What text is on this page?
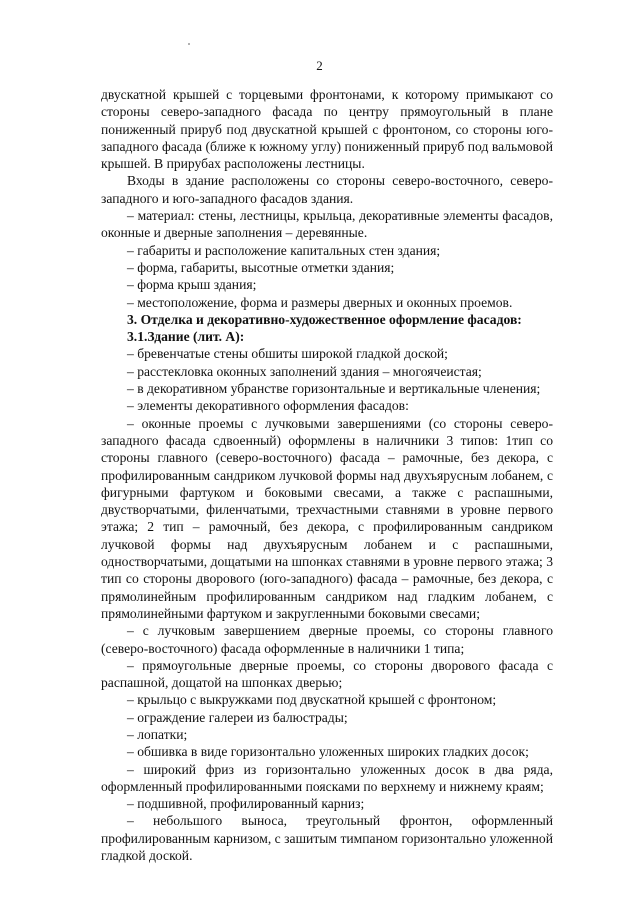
2

двускатной крышей с торцевыми фронтонами, к которому примыкают со стороны северо-западного фасада по центру прямоугольный в плане пониженный прируб под двускатной крышей с фронтоном, со стороны юго-западного фасада (ближе к южному углу) пониженный прируб под вальмовой крышей. В прирубах расположены лестницы.

Входы в здание расположены со стороны северо-восточного, северо-западного и юго-западного фасадов здания.

– материал: стены, лестницы, крыльца, декоративные элементы фасадов, оконные и дверные заполнения – деревянные.

– габариты и расположение капитальных стен здания;

– форма, габариты, высотные отметки здания;

– форма крыш здания;

– местоположение, форма и размеры дверных и оконных проемов.

3. Отделка и декоративно-художественное оформление фасадов:

3.1.Здание (лит. А):

– бревенчатые стены обшиты широкой гладкой доской;

– расстекловка оконных заполнений здания – многоячеистая;

– в декоративном убранстве горизонтальные и вертикальные членения;

– элементы декоративного оформления фасадов:

– оконные проемы с лучковыми завершениями (со стороны северо-западного фасада сдвоенный) оформлены в наличники 3 типов: 1тип со стороны главного (северо-восточного) фасада – рамочные, без декора, с профилированным сандриком лучковой формы над двухъярусным лобанем, с фигурными фартуком и боковыми свесами, а также с распашными, двустворчатыми, филенчатыми, трехчастными ставнями в уровне первого этажа; 2 тип – рамочный, без декора, с профилированным сандриком лучковой формы над двухъярусным лобанем и с распашными, одностворчатыми, дощатыми на шпонках ставнями в уровне первого этажа; 3 тип со стороны дворового (юго-западного) фасада – рамочные, без декора, с прямолинейным профилированным сандриком над гладким лобанем, с прямолинейными фартуком и закругленными боковыми свесами;

– с лучковым завершением дверные проемы, со стороны главного (северо-восточного) фасада оформленные в наличники 1 типа;

– прямоугольные дверные проемы, со стороны дворового фасада с распашной, дощатой на шпонках дверью;

– крыльцо с выкружками под двускатной крышей с фронтоном;

– ограждение галереи из балюстрады;

– лопатки;

– обшивка в виде горизонтально уложенных широких гладких досок;

– широкий фриз из горизонтально уложенных досок в два ряда, оформленный профилированными поясками по верхнему и нижнему краям;

– подшивной, профилированный карниз;

– небольшого выноса, треугольный фронтон, оформленный профилированным карнизом, с зашитым тимпаном горизонтально уложенной гладкой доской.
